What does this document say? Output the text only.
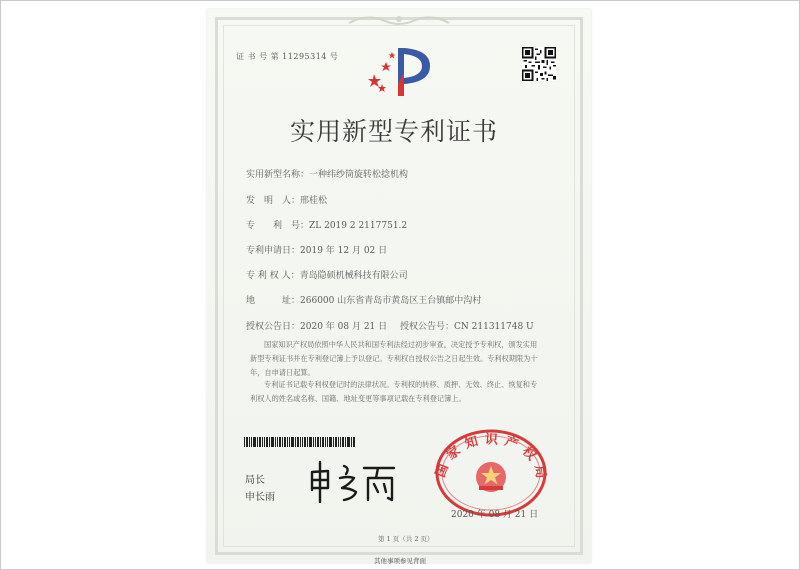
证 书 号 第 11295314 号
实用新型专利证书
实用新型名称：一种纬纱筒旋转松捻机构
发　明　人：邢桂松
专　　利　号：ZL 2019 2 2117751.2
专利申请日：2019 年 12 月 02 日
专 利 权 人：青岛隐硕机械科技有限公司
地　　　址：266000 山东省青岛市黄岛区王台镇邮中沟村
授权公告日：2020 年 08 月 21 日 授权公告号：CN 211311748 U
国家知识产权局依照中华人民共和国专利法经过初步审查，决定授予专利权，颁发实用
新型专利证书并在专利登记簿上予以登记。专利权自授权公告之日起生效。专利权期限为十
年，自申请日起算。
专利证书记载专利权登记时的法律状况。专利权的转移、质押、无效、终止、恢复和专
利权人的姓名或名称、国籍、地址变更等事项记载在专利登记簿上。
局长
申长雨
国家知识产权局
2020 年 08 月 21 日
第 1 页（共 2 页）
其他事项参见背面
